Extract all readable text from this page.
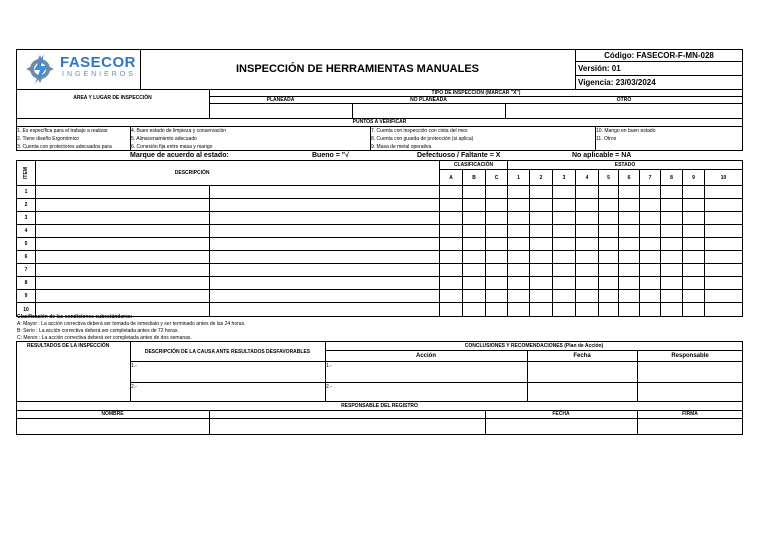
FASECOR
INGENIEROS	INSPECCIÓN DE HERRAMIENTAS MANUALES
Código: FASECOR-F-MN-028
Versión: 01
Vigencia: 23/03/2024
AREA Y LUGAR DE INSPECCIÓN
TIPO DE INSPECCIÓN (MARCAR "X")
PLANEADA	NO PLANEADA	OTRO
PUNTOS A VERIFICAR
1. Es específica para el trabajo a realizar
2. Tiene diseño Ergonómico
3. Cuenta con protectores adecuados para
4. Buen estado de limpieza y conservación
5. Almacenamiento adecuado
6. Conexión fija entre masa y mango
7. Cuenta con inspección con cinta del mes
8. Cuenta con guarda de protección (si aplica)
9. Masa de metal operativa
10. Mango en buen estado
11. Otros
Marque de acuerdo al estado:	Bueno = "√	Defectuoso / Faltante = X	No aplicable = NA
ITEM	DESCRIPCIÓN		CLASIFICACIÓN			ESTADO									
			A	B	C	1	2	3	4	5	6	7	8	9	10
1															
2															
3															
4															
5															
6															
7															
8															
9															
10															
Clasificación de las condiciones subestándares:
A: Mayor : La acción correctiva deberá ser tomada de inmediato y ser terminado antes de las 24 horas.
B: Serio : La acción correctiva deberá ser completada antes de 72 horas.
C: Menor : La acción correctiva deberá ser completada antes de dos semanas.
RESULTADOS DE LA INSPECCIÓN
DESCRIPCIÓN DE LA CAUSA ANTE RESULTADOS DESFAVORABLES
CONCLUSIONES Y RECOMENDACIONES (Plan de Acción)
Acción	Fecha	Responsable
1.-
2.-
1.-
2.-
RESPONSABLE DEL REGISTRO
NOMBRE	FECHA	FIRMA
